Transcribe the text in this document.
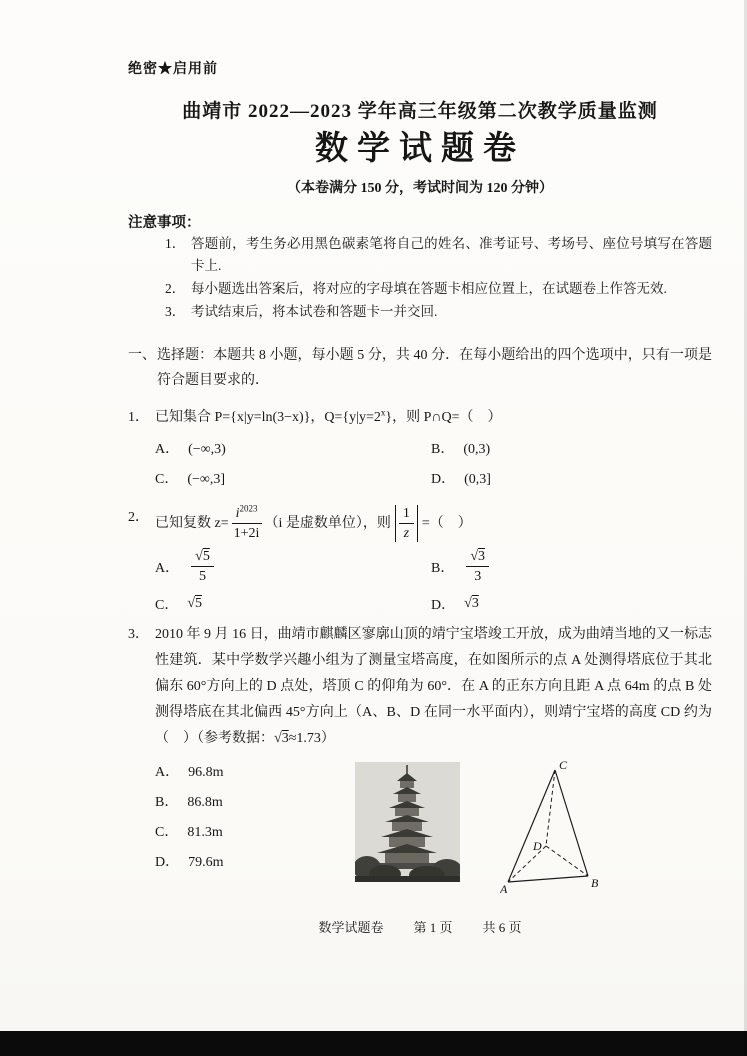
绝密★启用前
曲靖市 2022—2023 学年高三年级第二次教学质量监测
数学试题卷
（本卷满分 150 分，考试时间为 120 分钟）
注意事项：
1． 答题前，考生务必用黑色碳素笔将自己的姓名、准考证号、考场号、座位号填写在答题卡上.
2． 每小题选出答案后，将对应的字母填在答题卡相应位置上，在试题卷上作答无效.
3． 考试结束后，将本试卷和答题卡一并交回.
一、 选择题：本题共 8 小题，每小题 5 分，共 40 分．在每小题给出的四个选项中，只有一项是符合题目要求的．
1． 已知集合 P={x|y=ln(3−x)}，$Q=\{y|y=2^x\}$，则 P∩Q=（　）
A． (−∞,3)	B． (0,3)
C． (−∞,3]	D． (0,3]
2． 已知复数 $z= \frac{i^{2023}}{1+2i} (i$ 是虚数单位），则 $\frac{1}{z}$ =（　）
A． $\frac{√5}{5}$	B． $\frac{√3}{3}$
C． √5	D． √3
3． 2010 年 9 月 16 日，曲靖市麒麟区寥廓山顶的靖宁宝塔竣工开放，成为曲靖当地的又一标志性建筑．某中学数学兴趣小组为了测量宝塔高度，在如图所示的点 A 处测得塔底位于其北偏东 60°方向上的 D 点处，塔顶 C 的仰角为 60°．在 A 的正东方向且距 A 点 64m 的点 B 处测得塔底在其北偏西 45°方向上（A、B、D 在同一水平面内），则靖宁宝塔的高度 CD 约为（　）（参考数据：√3≈1.73）
A． 96.8m
B． 86.8m
C． 81.3m
D． 79.6m
C
D
A	B
数学试题卷 第 1 页 共 6 页
